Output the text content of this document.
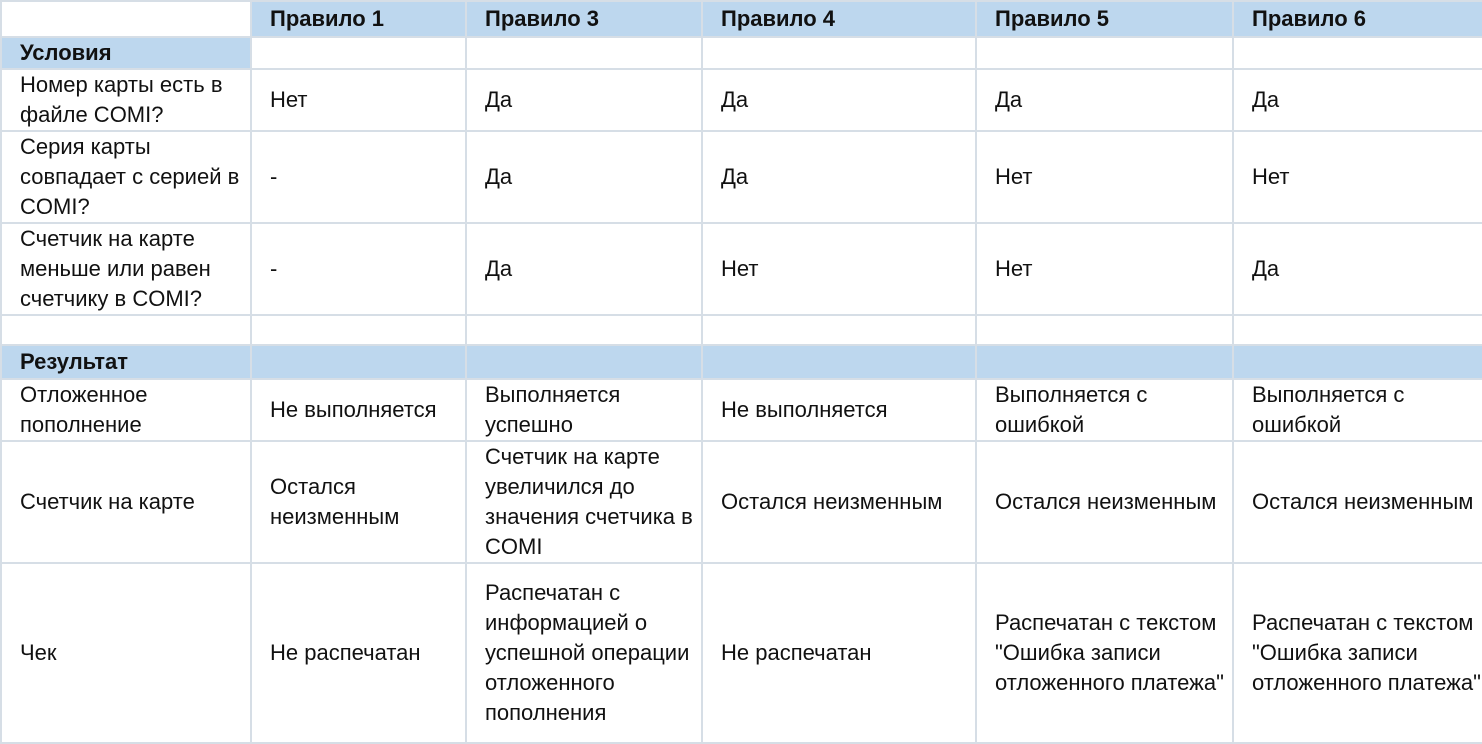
	Правило 1	Правило 3	Правило 4	Правило 5	Правило 6
Условия					
Номер карты есть в файле COMI?	Нет	Да	Да	Да	Да
Серия карты совпадает с серией в COMI?	-	Да	Да	Нет	Нет
Счетчик на карте меньше или равен счетчику в COMI?	-	Да	Нет	Нет	Да

Результат					
Отложенное пополнение	Не выполняется	Выполняется успешно	Не выполняется	Выполняется с ошибкой	Выполняется с ошибкой
Счетчик на карте	Остался неизменным	Счетчик на карте увеличился до значения счетчика в COMI	Остался неизменным	Остался неизменным	Остался неизменным
Чек	Не распечатан	Распечатан с информацией о успешной операции отложенного пополнения	Не распечатан	Распечатан с текстом "Ошибка записи отложенного платежа"	Распечатан с текстом "Ошибка записи отложенного платежа"
